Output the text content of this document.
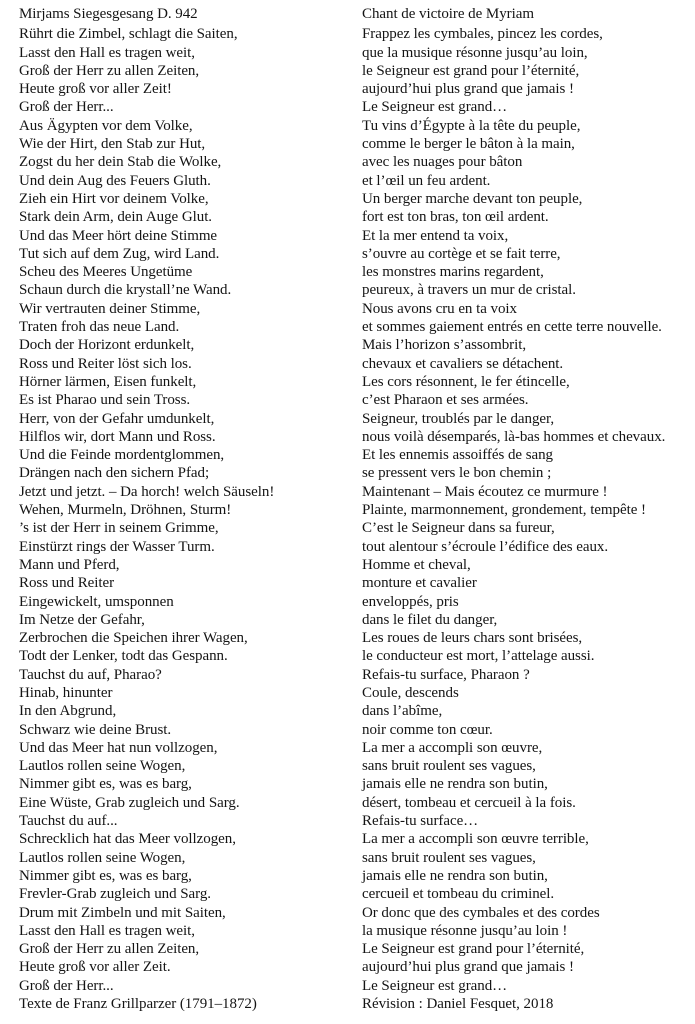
Mirjams Siegesgesang D. 942
Rührt die Zimbel, schlagt die Saiten,
Lasst den Hall es tragen weit,
Groß der Herr zu allen Zeiten,
Heute groß vor aller Zeit!
Groß der Herr...
Aus Ägypten vor dem Volke,
Wie der Hirt, den Stab zur Hut,
Zogst du her dein Stab die Wolke,
Und dein Aug des Feuers Gluth.
Zieh ein Hirt vor deinem Volke,
Stark dein Arm, dein Auge Glut.
Und das Meer hört deine Stimme
Tut sich auf dem Zug, wird Land.
Scheu des Meeres Ungetüme
Schaun durch die krystall’ne Wand.
Wir vertrauten deiner Stimme,
Traten froh das neue Land.
Doch der Horizont erdunkelt,
Ross und Reiter löst sich los.
Hörner lärmen, Eisen funkelt,
Es ist Pharao und sein Tross.
Herr, von der Gefahr umdunkelt,
Hilflos wir, dort Mann und Ross.
Und die Feinde mordentglommen,
Drängen nach den sichern Pfad;
Jetzt und jetzt. – Da horch! welch Säuseln!
Wehen, Murmeln, Dröhnen, Sturm!
’s ist der Herr in seinem Grimme,
Einstürzt rings der Wasser Turm.
Mann und Pferd,
Ross und Reiter
Eingewickelt, umsponnen
Im Netze der Gefahr,
Zerbrochen die Speichen ihrer Wagen,
Todt der Lenker, todt das Gespann.
Tauchst du auf, Pharao?
Hinab, hinunter
In den Abgrund,
Schwarz wie deine Brust.
Und das Meer hat nun vollzogen,
Lautlos rollen seine Wogen,
Nimmer gibt es, was es barg,
Eine Wüste, Grab zugleich und Sarg.
Tauchst du auf...
Schrecklich hat das Meer vollzogen,
Lautlos rollen seine Wogen,
Nimmer gibt es, was es barg,
Frevler-Grab zugleich und Sarg.
Drum mit Zimbeln und mit Saiten,
Lasst den Hall es tragen weit,
Groß der Herr zu allen Zeiten,
Heute groß vor aller Zeit.
Groß der Herr...
Texte de Franz Grillparzer (1791–1872)
Chant de victoire de Myriam
Frappez les cymbales, pincez les cordes,
que la musique résonne jusqu’au loin,
le Seigneur est grand pour l’éternité,
aujourd’hui plus grand que jamais !
Le Seigneur est grand…
Tu vins d’Égypte à la tête du peuple,
comme le berger le bâton à la main,
avec les nuages pour bâton
et l’œil un feu ardent.
Un berger marche devant ton peuple,
fort est ton bras, ton œil ardent.
Et la mer entend ta voix,
s’ouvre au cortège et se fait terre,
les monstres marins regardent,
peureux, à travers un mur de cristal.
Nous avons cru en ta voix
et sommes gaiement entrés en cette terre nouvelle.
Mais l’horizon s’assombrit,
chevaux et cavaliers se détachent.
Les cors résonnent, le fer étincelle,
c’est Pharaon et ses armées.
Seigneur, troublés par le danger,
nous voilà désemparés, là-bas hommes et chevaux.
Et les ennemis assoiffés de sang
se pressent vers le bon chemin ;
Maintenant – Mais écoutez ce murmure !
Plainte, marmonnement, grondement, tempête !
C’est le Seigneur dans sa fureur,
tout alentour s’écroule l’édifice des eaux.
Homme et cheval,
monture et cavalier
enveloppés, pris
dans le filet du danger,
Les roues de leurs chars sont brisées,
le conducteur est mort, l’attelage aussi.
Refais-tu surface, Pharaon ?
Coule, descends
dans l’abîme,
noir comme ton cœur.
La mer a accompli son œuvre,
sans bruit roulent ses vagues,
jamais elle ne rendra son butin,
désert, tombeau et cercueil à la fois.
Refais-tu surface…
La mer a accompli son œuvre terrible,
sans bruit roulent ses vagues,
jamais elle ne rendra son butin,
cercueil et tombeau du criminel.
Or donc que des cymbales et des cordes
la musique résonne jusqu’au loin !
Le Seigneur est grand pour l’éternité,
aujourd’hui plus grand que jamais !
Le Seigneur est grand…
Révision : Daniel Fesquet, 2018
